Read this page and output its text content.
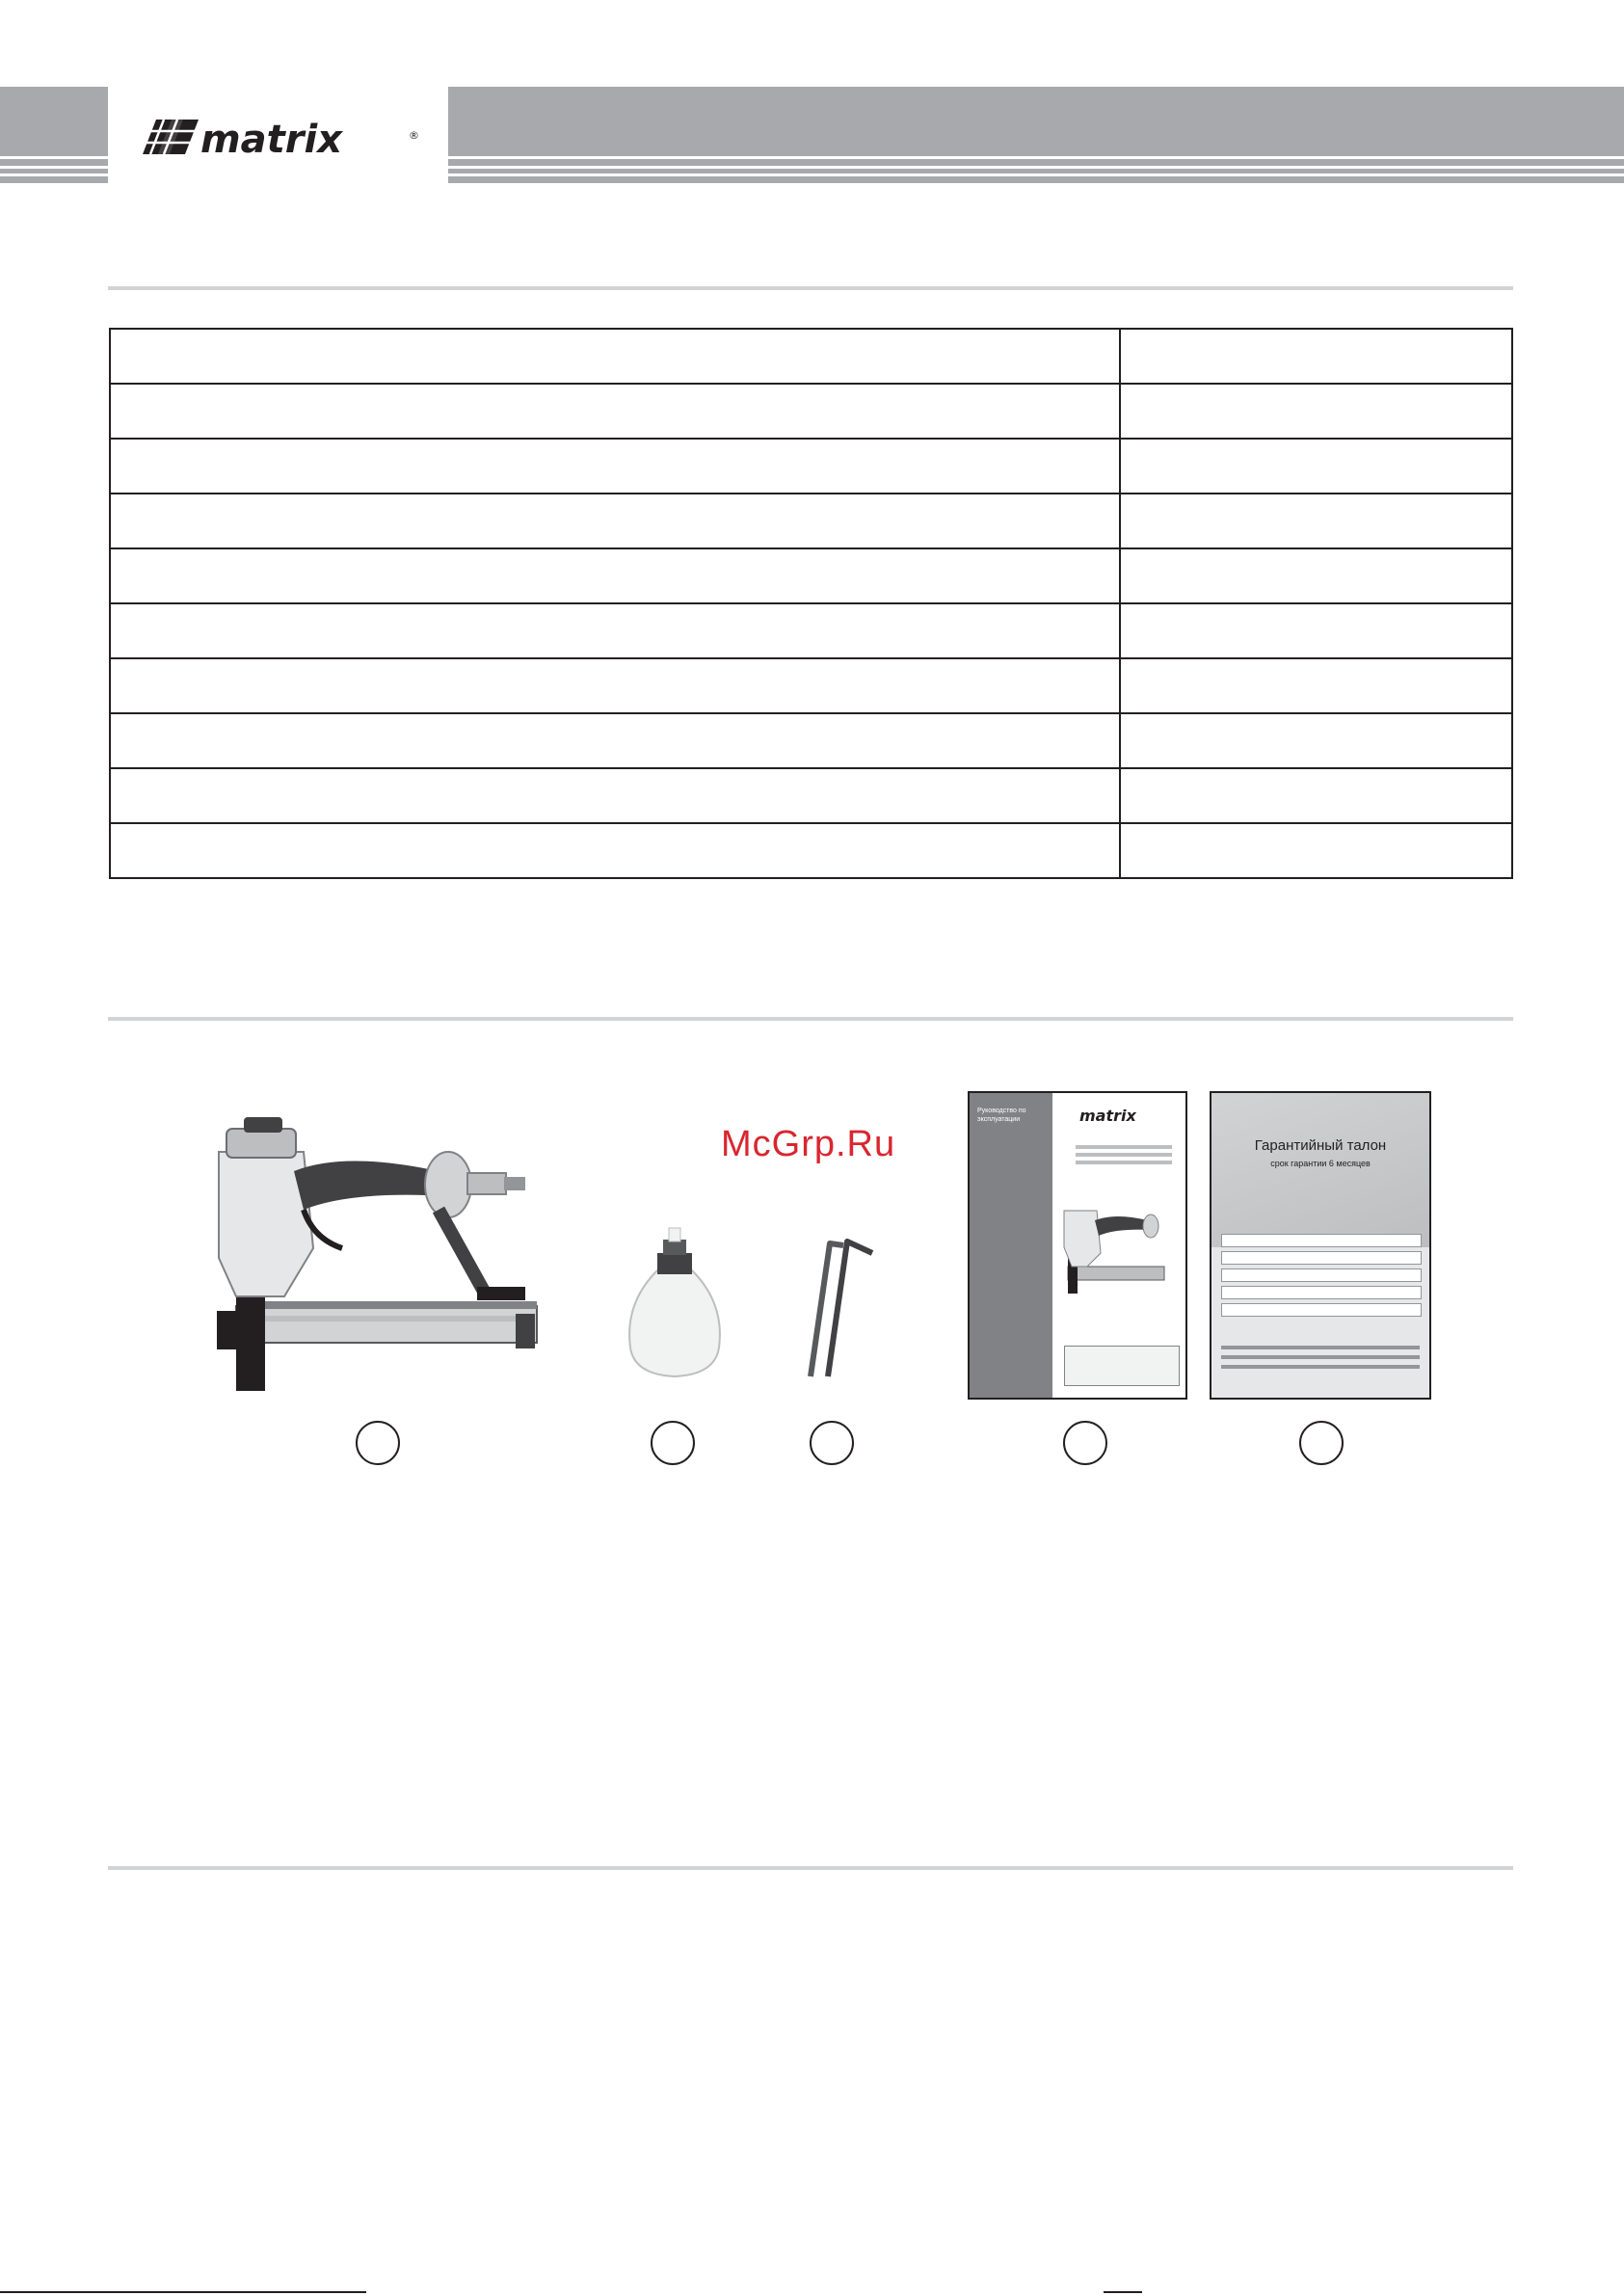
matrix	®

McGrp.Ru
Руководство по эксплуатации	matrix
Гарантийный талон
срок гарантии 6 месяцев
